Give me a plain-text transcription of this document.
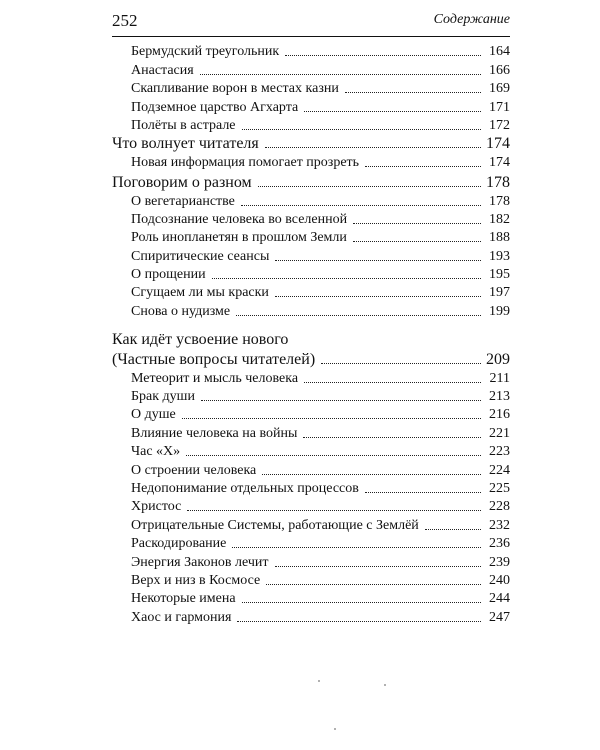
252	Содержание
Бермудский треугольник	164
Анастасия	166
Скапливание ворон в местах казни	169
Подземное царство Агхарта	171
Полёты в астрале	172
Что волнует читателя	174
Новая информация помогает прозреть	174
Поговорим о разном	178
О вегетарианстве	178
Подсознание человека во вселенной	182
Роль инопланетян в прошлом Земли	188
Спиритические сеансы	193
О прощении	195
Сгущаем ли мы краски	197
Снова о нудизме	199
Как идёт усвоение нового
(Частные вопросы читателей)	209
Метеорит и мысль человека	211
Брак души	213
О душе	216
Влияние человека на войны	221
Час «Х»	223
О строении человека	224
Недопонимание отдельных процессов	225
Христос	228
Отрицательные Системы, работающие с Землёй	232
Раскодирование	236
Энергия Законов лечит	239
Верх и низ в Космосе	240
Некоторые имена	244
Хаос и гармония	247
